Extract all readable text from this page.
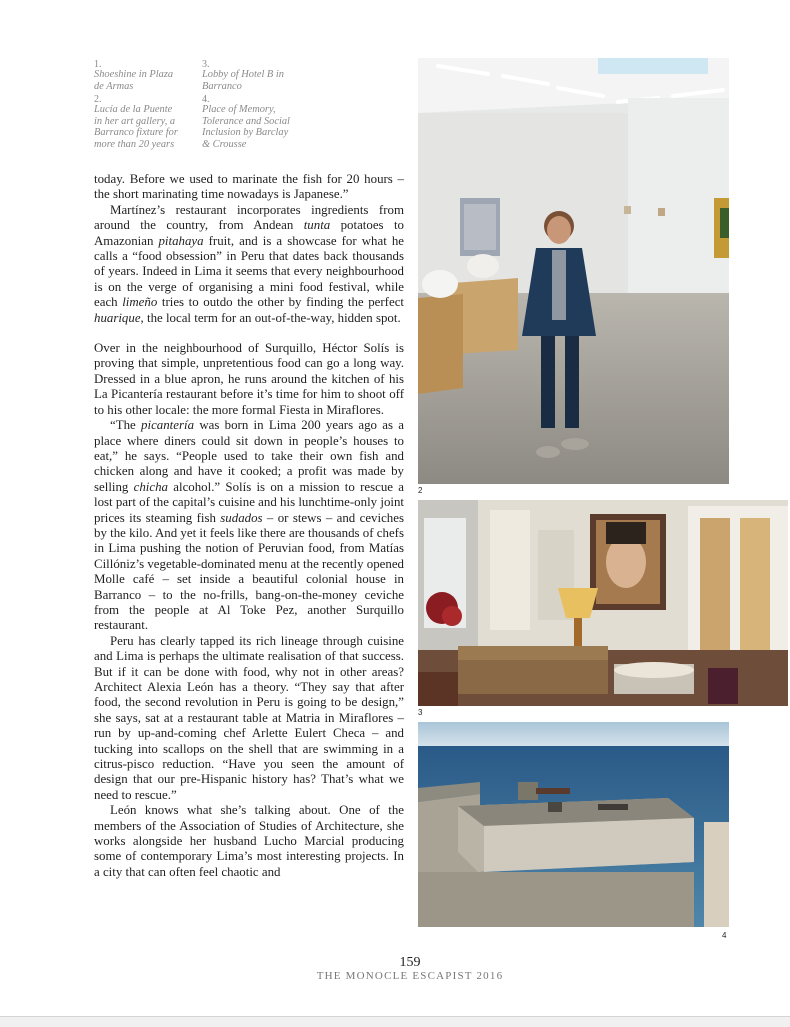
1.
Shoeshine in Plaza
de Armas
2.
Lucía de la Puente
in her art gallery, a
Barranco fixture for
more than 20 years
3.
Lobby of Hotel B in
Barranco
4.
Place of Memory,
Tolerance and Social
Inclusion by Barclay
& Crousse

today. Before we used to marinate the fish for 20 hours – the short marinating time nowadays is Japanese.”

Martínez’s restaurant incorporates ingredients from around the country, from Andean tunta potatoes to Amazonian pitahaya fruit, and is a showcase for what he calls a “food obsession” in Peru that dates back thousands of years. Indeed in Lima it seems that every neighbourhood is on the verge of organising a mini food festival, while each limeño tries to outdo the other by finding the perfect huarique, the local term for an out-of-the-way, hidden spot.

Over in the neighbourhood of Surquillo, Héctor Solís is proving that simple, unpretentious food can go a long way. Dressed in a blue apron, he runs around the kitchen of his La Picantería restaurant before it’s time for him to shoot off to his other locale: the more formal Fiesta in Miraflores.

“The picantería was born in Lima 200 years ago as a place where diners could sit down in people’s houses to eat,” he says. “People used to take their own fish and chicken along and have it cooked; a profit was made by selling chicha alcohol.” Solís is on a mission to rescue a lost part of the capital’s cuisine and his lunchtime-only joint prices its steaming fish sudados – or stews – and ceviches by the kilo. And yet it feels like there are thousands of chefs in Lima pushing the notion of Peruvian food, from Matías Cillóniz’s vegetable-dominated menu at the recently opened Molle café – set inside a beautiful colonial house in Barranco – to the no-frills, bang-on-the-money ceviche from the people at Al Toke Pez, another Surquillo restaurant.

Peru has clearly tapped its rich lineage through cuisine and Lima is perhaps the ultimate realisation of that success. But if it can be done with food, why not in other areas? Architect Alexia León has a theory. “They say that after food, the second revolution in Peru is going to be design,” she says, sat at a restaurant table at Matria in Miraflores – run by up-and-coming chef Arlette Eulert Checa – and tucking into scallops on the shell that are swimming in a citrus-pisco reduction. “Have you seen the amount of design that our pre-Hispanic history has? That’s what we need to rescue.”

León knows what she’s talking about. One of the members of the Association of Studies of Architecture, she works alongside her husband Lucho Marcial producing some of contemporary Lima’s most interesting projects. In a city that can often feel chaotic and

2
3
4
159
THE MONOCLE ESCAPIST 2016
